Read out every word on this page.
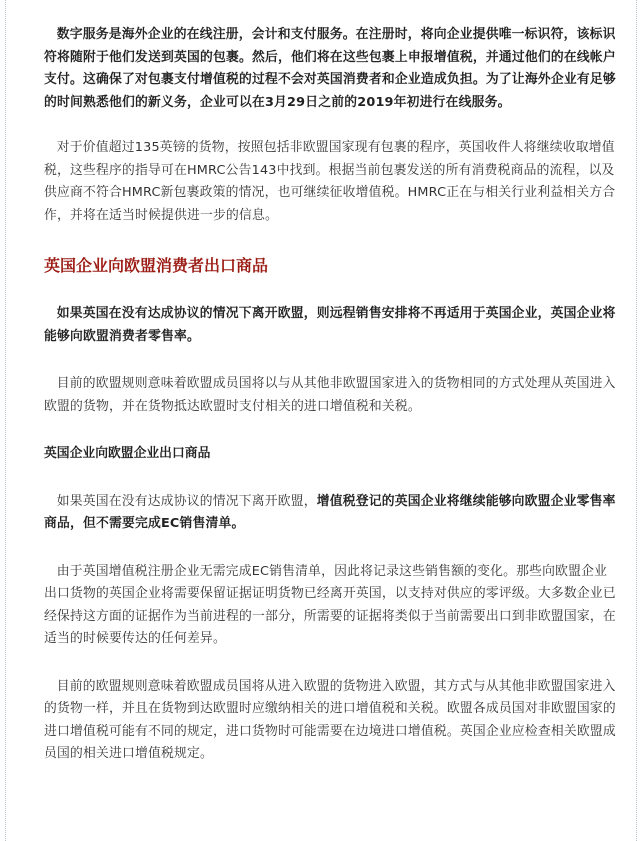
数字服务是海外企业的在线注册，会计和支付服务。在注册时，将向企业提供唯一标识符，该标识符将随附于他们发送到英国的包裹。然后，他们将在这些包裹上申报增值税，并通过他们的在线帐户支付。这确保了对包裹支付增值税的过程不会对英国消费者和企业造成负担。为了让海外企业有足够的时间熟悉他们的新义务，企业可以在3月29日之前的2019年初进行在线服务。

对于价值超过135英镑的货物，按照包括非欧盟国家现有包裹的程序，英国收件人将继续收取增值税，这些程序的指导可在HMRC公告143中找到。根据当前包裹发送的所有消费税商品的流程，以及供应商不符合HMRC新包裹政策的情况，也可继续征收增值税。HMRC正在与相关行业利益相关方合作，并将在适当时候提供进一步的信息。

英国企业向欧盟消费者出口商品

如果英国在没有达成协议的情况下离开欧盟，则远程销售安排将不再适用于英国企业，英国企业将能够向欧盟消费者零售率。

目前的欧盟规则意味着欧盟成员国将以与从其他非欧盟国家进入的货物相同的方式处理从英国进入欧盟的货物，并在货物抵达欧盟时支付相关的进口增值税和关税。

英国企业向欧盟企业出口商品

如果英国在没有达成协议的情况下离开欧盟，增值税登记的英国企业将继续能够向欧盟企业零售率商品，但不需要完成EC销售清单。

由于英国增值税注册企业无需完成EC销售清单，因此将记录这些销售额的变化。那些向欧盟企业出口货物的英国企业将需要保留证据证明货物已经离开英国，以支持对供应的零评级。大多数企业已经保持这方面的证据作为当前进程的一部分，所需要的证据将类似于当前需要出口到非欧盟国家，在适当的时候要传达的任何差异。

目前的欧盟规则意味着欧盟成员国将从进入欧盟的货物进入欧盟，其方式与从其他非欧盟国家进入的货物一样，并且在货物到达欧盟时应缴纳相关的进口增值税和关税。欧盟各成员国对非欧盟国家的进口增值税可能有不同的规定，进口货物时可能需要在边境进口增值税。英国企业应检查相关欧盟成员国的相关进口增值税规定。
